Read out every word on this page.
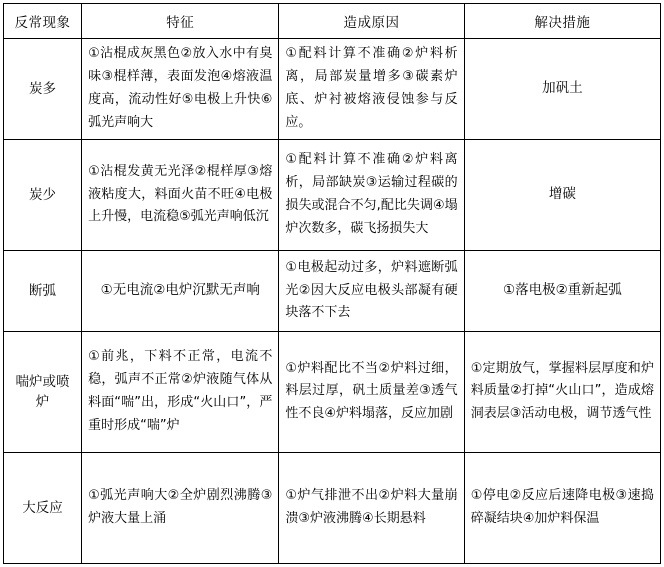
反常现象	特征	造成原因	解决措施
炭多	①沾棍成灰黑色②放入水中有臭味③棍样薄，表面发泡④熔液温度高，流动性好⑤电极上升快⑥弧光声响大	①配料计算不准确②炉料析离，局部炭量增多③碳素炉底、炉衬被熔液侵蚀参与反应。	加矾土
炭少	①沾棍发黄无光泽②棍样厚③熔液粘度大，料面火苗不旺④电极上升慢，电流稳⑤弧光声响低沉	①配料计算不准确②炉料离析，局部缺炭③运输过程碳的损失或混合不匀,配比失调④塌炉次数多，碳飞扬损失大	增碳
断弧	①无电流②电炉沉默无声响	①电极起动过多，炉料遮断弧光②因大反应电极头部凝有硬块落不下去	①落电极②重新起弧
喘炉或喷炉	①前兆，下料不正常，电流不稳，弧声不正常②炉液随气体从料面“喘”出，形成“火山口”，严重时形成“喘”炉	①炉料配比不当②炉料过细，料层过厚，矾土质量差③透气性不良④炉料塌落，反应加剧	①定期放气，掌握料层厚度和炉料质量②打掉“火山口”，造成熔洞表层③活动电极，调节透气性
大反应	①弧光声响大②全炉剧烈沸腾③炉液大量上涌	①炉气排泄不出②炉料大量崩溃③炉液沸腾④长期悬料	①停电②反应后速降电极③速捣碎凝结块④加炉料保温
